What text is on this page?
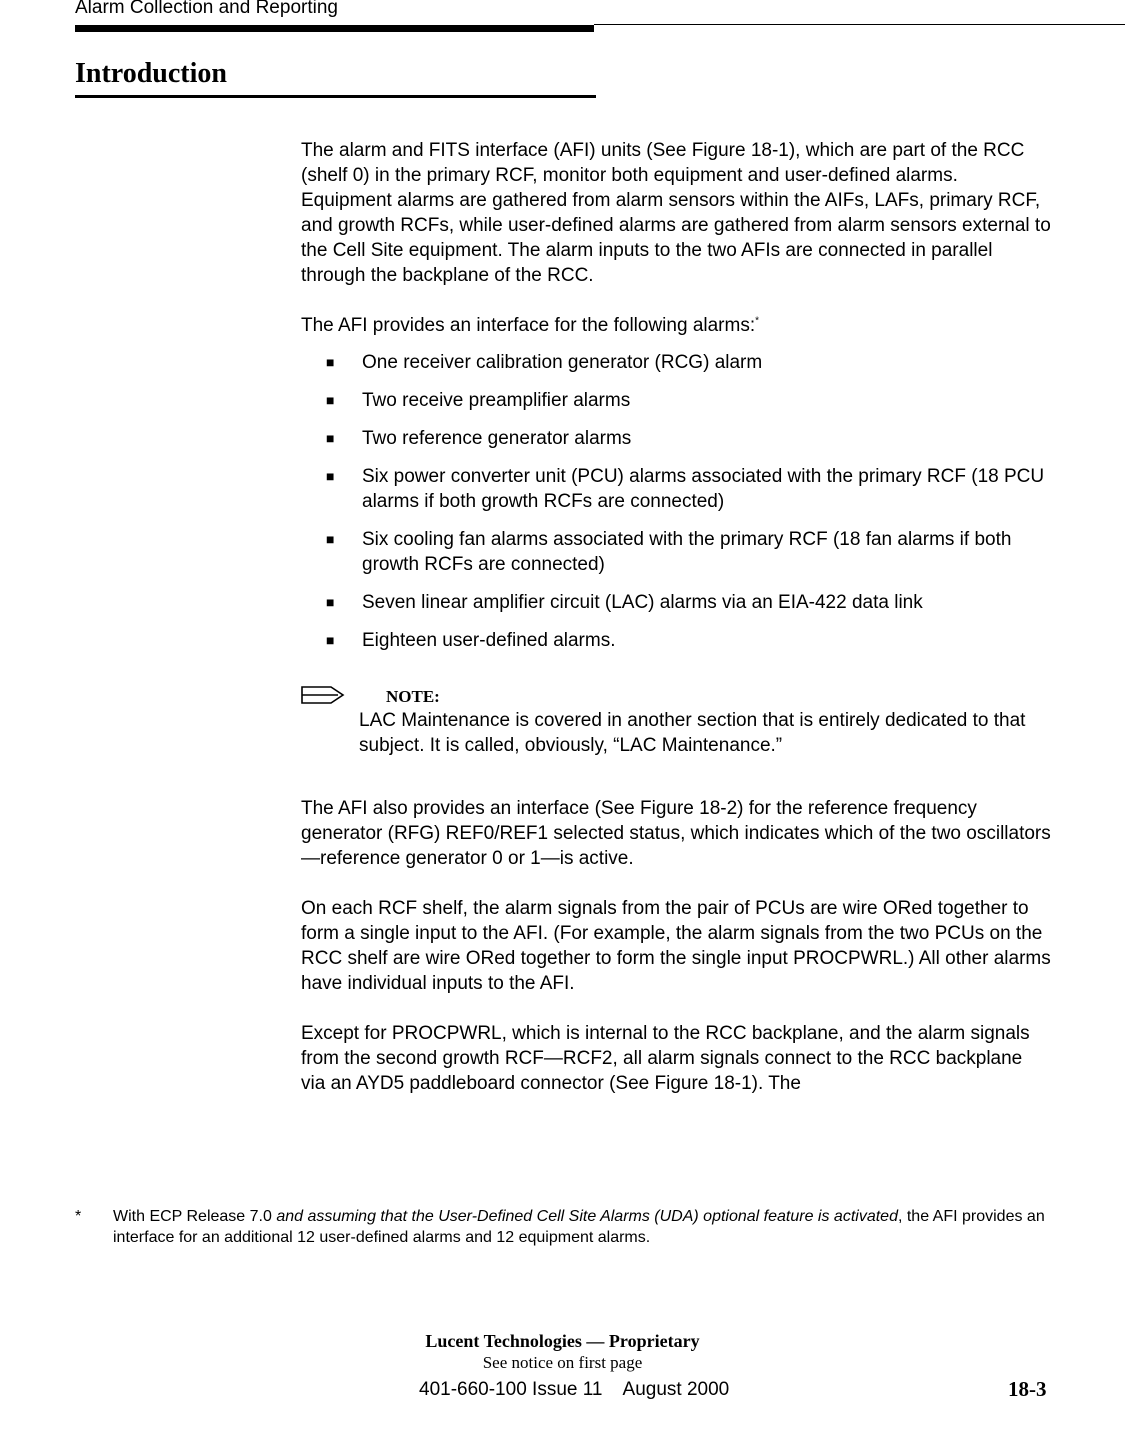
Alarm Collection and Reporting
Introduction

The alarm and FITS interface (AFI) units (See Figure 18-1), which are part of the RCC (shelf 0) in the primary RCF, monitor both equipment and user-defined alarms. Equipment alarms are gathered from alarm sensors within the AIFs, LAFs, primary RCF, and growth RCFs, while user-defined alarms are gathered from alarm sensors external to the Cell Site equipment. The alarm inputs to the two AFIs are connected in parallel through the backplane of the RCC.

The AFI provides an interface for the following alarms:*

■ One receiver calibration generator (RCG) alarm
■ Two receive preamplifier alarms
■ Two reference generator alarms
■ Six power converter unit (PCU) alarms associated with the primary RCF (18 PCU alarms if both growth RCFs are connected)
■ Six cooling fan alarms associated with the primary RCF (18 fan alarms if both growth RCFs are connected)
■ Seven linear amplifier circuit (LAC) alarms via an EIA-422 data link
■ Eighteen user-defined alarms.
NOTE:
LAC Maintenance is covered in another section that is entirely dedicated to that subject. It is called, obviously, “LAC Maintenance.”

The AFI also provides an interface (See Figure 18-2) for the reference frequency generator (RFG) REF0/REF1 selected status, which indicates which of the two oscillators—reference generator 0 or 1—is active.

On each RCF shelf, the alarm signals from the pair of PCUs are wire ORed together to form a single input to the AFI. (For example, the alarm signals from the two PCUs on the RCC shelf are wire ORed together to form the single input PROCPWRL.) All other alarms have individual inputs to the AFI.

Except for PROCPWRL, which is internal to the RCC backplane, and the alarm signals from the second growth RCF—RCF2, all alarm signals connect to the RCC backplane via an AYD5 paddleboard connector (See Figure 18-1). The

* With ECP Release 7.0 and assuming that the User-Defined Cell Site Alarms (UDA) optional feature is activated, the AFI provides an interface for an additional 12 user-defined alarms and 12 equipment alarms.
Lucent Technologies — Proprietary
See notice on first page
401-660-100 Issue 11    August 2000	18-3
